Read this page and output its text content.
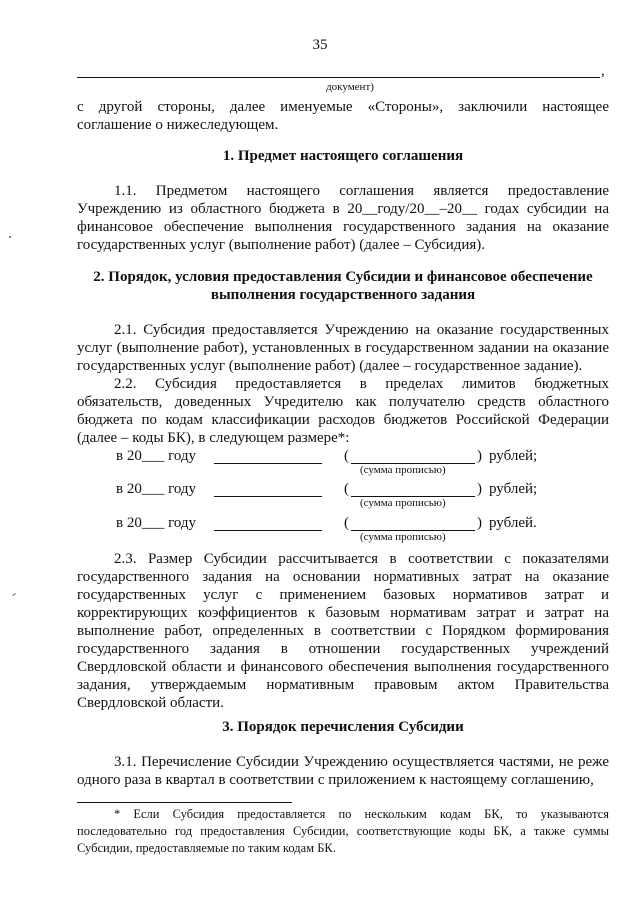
35
,
документ)
с другой стороны, далее именуемые «Стороны», заключили настоящее
соглашение о нижеследующем.
1. Предмет настоящего соглашения
1.1. Предметом настоящего соглашения является предоставление
Учреждению из областного бюджета в 20__году/20__–20__ годах субсидии на
финансовое обеспечение выполнения государственного задания на оказание
государственных услуг (выполнение работ) (далее – Субсидия).
2. Порядок, условия предоставления Субсидии и финансовое обеспечение
выполнения государственного задания
2.1. Субсидия предоставляется Учреждению на оказание государственных
услуг (выполнение работ), установленных в государственном задании на оказание
государственных услуг (выполнение работ) (далее – государственное задание).
2.2. Субсидия предоставляется в пределах лимитов бюджетных
обязательств, доведенных Учредителю как получателю средств областного
бюджета по кодам классификации расходов бюджетов Российской Федерации
(далее – коды БК), в следующем размере*:
в 20___ году	(	) рублей;
(сумма прописью)
в 20___ году	(	) рублей;
(сумма прописью)
в 20___ году	(	) рублей.
(сумма прописью)
2.3. Размер Субсидии рассчитывается в соответствии с показателями
государственного задания на основании нормативных затрат на оказание
государственных услуг с применением базовых нормативов затрат и
корректирующих коэффициентов к базовым нормативам затрат и затрат на
выполнение работ, определенных в соответствии с Порядком формирования
государственного задания в отношении государственных учреждений
Свердловской области и финансового обеспечения выполнения государственного
задания, утверждаемым нормативным правовым актом Правительства
Свердловской области.
3. Порядок перечисления Субсидии
3.1. Перечисление Субсидии Учреждению осуществляется частями, не реже
одного раза в квартал в соответствии с приложением к настоящему соглашению,
* Если Субсидия предоставляется по нескольким кодам БК, то указываются
последовательно год предоставления Субсидии, соответствующие коды БК, а также суммы
Субсидии, предоставляемые по таким кодам БК.
